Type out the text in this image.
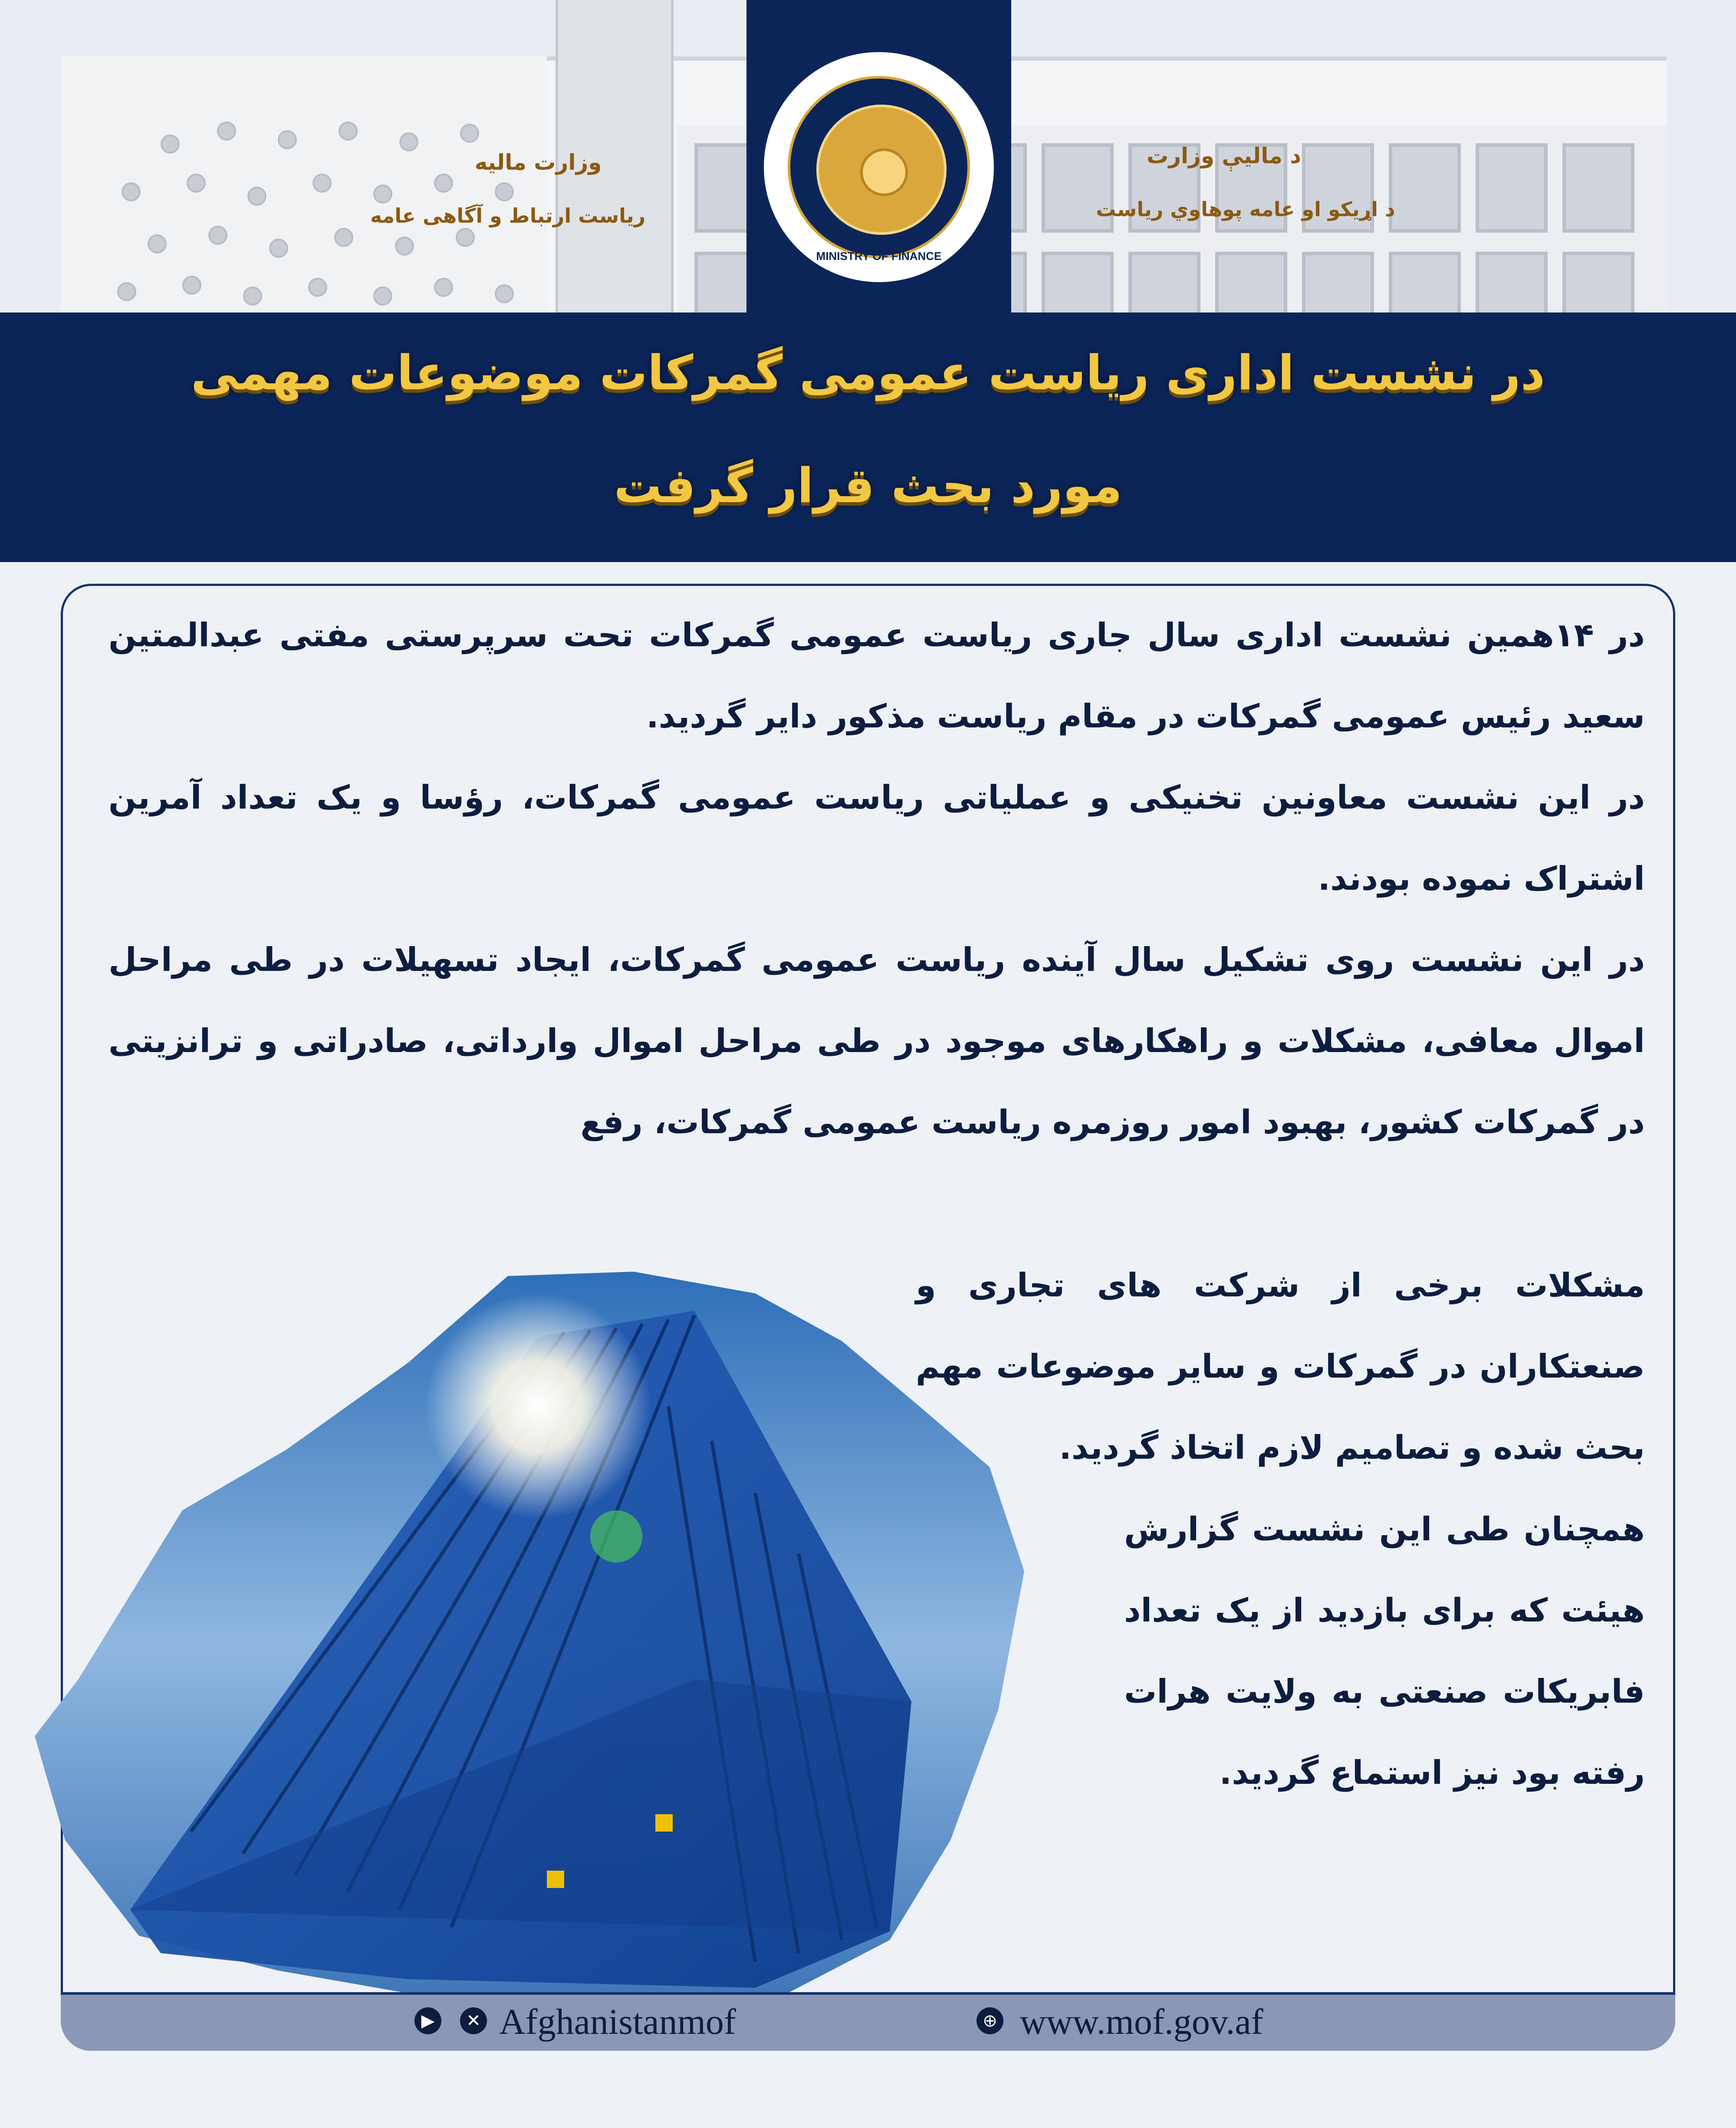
MINISTRY OF FINANCE
وزارت مالیه
ریاست ارتباط و آگاهی عامه
د مالیې وزارت
د اړیکو او عامه پوهاوي ریاست
در نشست اداری ریاست عمومی گمرکات موضوعات مهمی
مورد بحث قرار گرفت
در ۱۴همین نشست اداری سال جاری ریاست عمومی گمرکات تحت سرپرستی مفتی عبدالمتین سعید رئیس عمومی گمرکات در مقام ریاست مذکور دایر گردید.
در این نشست معاونین تخنیکی و عملیاتی ریاست عمومی گمرکات، رؤسا و یک تعداد آمرین اشتراک نموده بودند.
در این نشست روی تشکیل سال آینده ریاست عمومی گمرکات، ایجاد تسهیلات در طی مراحل اموال معافی، مشکلات و راهکارهای موجود در طی مراحل اموال وارداتی، صادراتی و ترانزیتی در گمرکات کشور، بهبود امور روزمره ریاست عمومی گمرکات، رفع
مشکلات برخی از شرکت های تجاری و صنعتکاران در گمرکات و سایر موضوعات مهم بحث شده و تصامیم لازم اتخاذ گردید.
همچنان طی این نشست گزارش هیئت که برای بازدید از یک تعداد فابریکات صنعتی به ولایت هرات رفته بود نیز استماع گردید.
▶	✕ Afghanistanmof	⊕ www.mof.gov.af
